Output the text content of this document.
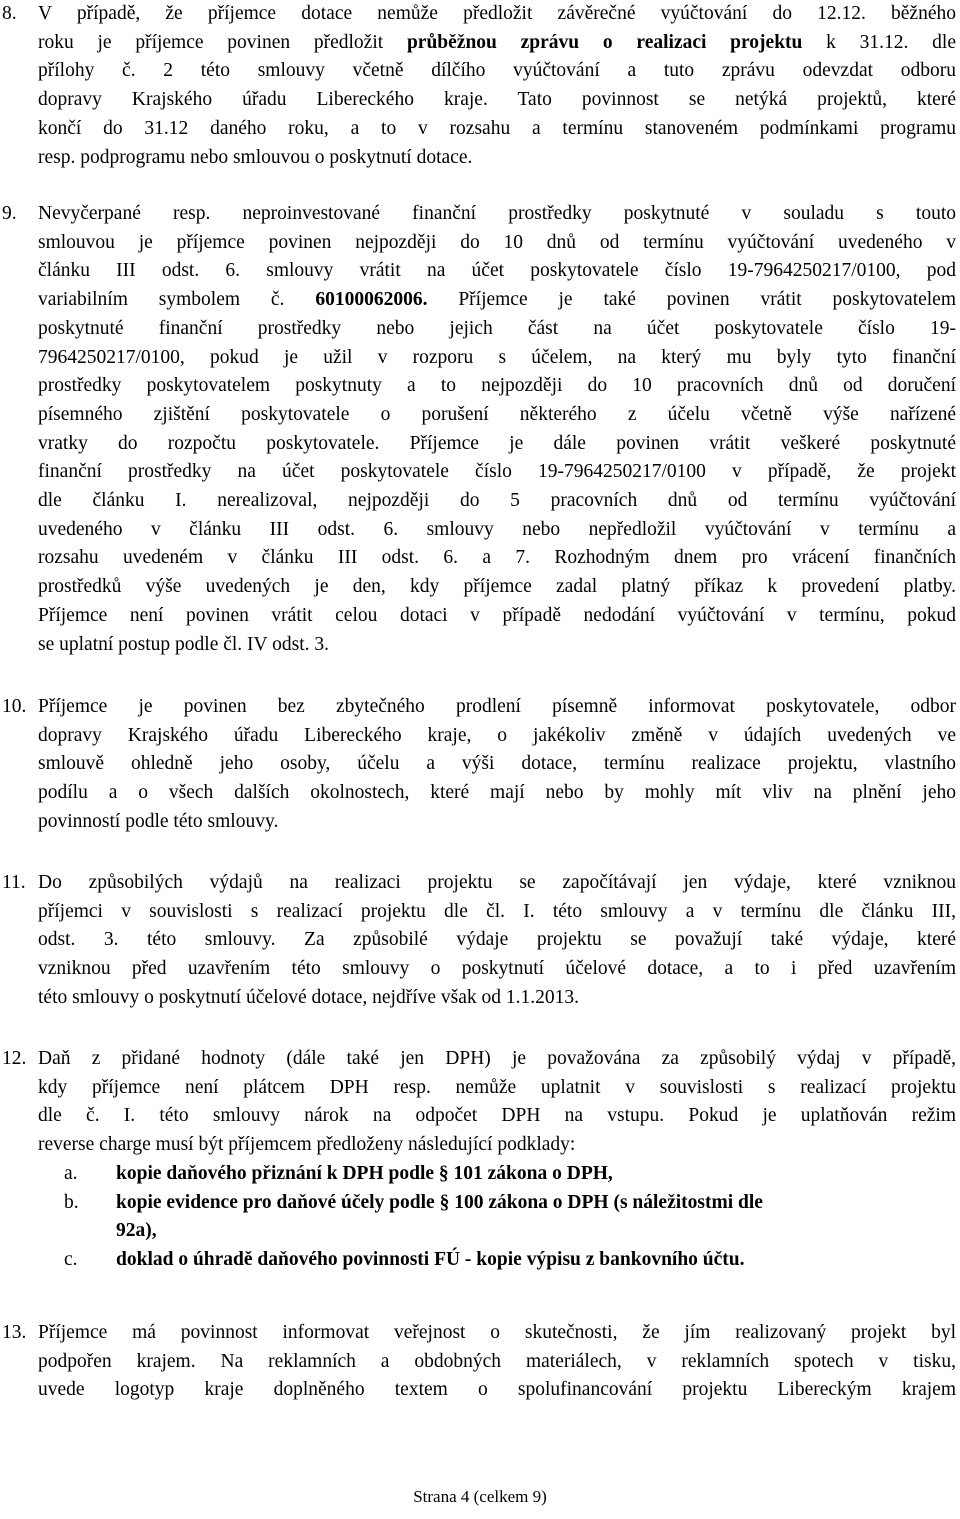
8. V případě, že příjemce dotace nemůže předložit závěrečné vyúčtování do 12.12. běžného
roku je příjemce povinen předložit průběžnou zprávu o realizaci projektu k 31.12. dle
přílohy č. 2 této smlouvy včetně dílčího vyúčtování a tuto zprávu odevzdat odboru
dopravy Krajského úřadu Libereckého kraje. Tato povinnost se netýká projektů, které
končí do 31.12 daného roku, a to v rozsahu a termínu stanoveném podmínkami programu
resp. podprogramu nebo smlouvou o poskytnutí dotace.
9. Nevyčerpané resp. neproinvestované finanční prostředky poskytnuté v souladu s touto
smlouvou je příjemce povinen nejpozději do 10 dnů od termínu vyúčtování uvedeného v
článku III odst. 6. smlouvy vrátit na účet poskytovatele číslo 19-7964250217/0100, pod
variabilním symbolem č. 60100062006. Příjemce je také povinen vrátit poskytovatelem
poskytnuté finanční prostředky nebo jejich část na účet poskytovatele číslo 19-
7964250217/0100, pokud je užil v rozporu s účelem, na který mu byly tyto finanční
prostředky poskytovatelem poskytnuty a to nejpozději do 10 pracovních dnů od doručení
písemného zjištění poskytovatele o porušení některého z účelu včetně výše nařízené
vratky do rozpočtu poskytovatele. Příjemce je dále povinen vrátit veškeré poskytnuté
finanční prostředky na účet poskytovatele číslo 19-7964250217/0100 v případě, že projekt
dle článku I. nerealizoval, nejpozději do 5 pracovních dnů od termínu vyúčtování
uvedeného v článku III odst. 6. smlouvy nebo nepředložil vyúčtování v termínu a
rozsahu uvedeném v článku III odst. 6. a 7. Rozhodným dnem pro vrácení finančních
prostředků výše uvedených je den, kdy příjemce zadal platný příkaz k provedení platby.
Příjemce není povinen vrátit celou dotaci v případě nedodání vyúčtování v termínu, pokud
se uplatní postup podle čl. IV odst. 3.
10. Příjemce je povinen bez zbytečného prodlení písemně informovat poskytovatele, odbor
dopravy Krajského úřadu Libereckého kraje, o jakékoliv změně v údajích uvedených ve
smlouvě ohledně jeho osoby, účelu a výši dotace, termínu realizace projektu, vlastního
podílu a o všech dalších okolnostech, které mají nebo by mohly mít vliv na plnění jeho
povinností podle této smlouvy.
11. Do způsobilých výdajů na realizaci projektu se započítávají jen výdaje, které vzniknou
příjemci v souvislosti s realizací projektu dle čl. I. této smlouvy a v termínu dle článku III,
odst. 3. této smlouvy. Za způsobilé výdaje projektu se považují také výdaje, které
vzniknou před uzavřením této smlouvy o poskytnutí účelové dotace, a to i před uzavřením
této smlouvy o poskytnutí účelové dotace, nejdříve však od 1.1.2013.
12. Daň z přidané hodnoty (dále také jen DPH) je považována za způsobilý výdaj v případě,
kdy příjemce není plátcem DPH resp. nemůže uplatnit v souvislosti s realizací projektu
dle č. I. této smlouvy nárok na odpočet DPH na vstupu. Pokud je uplatňován režim
reverse charge musí být příjemcem předloženy následující podklady:
a. kopie daňového přiznání k DPH podle § 101 zákona o DPH,
b. kopie evidence pro daňové účely podle § 100 zákona o DPH (s náležitostmi dle
92a),
c. doklad o úhradě daňového povinnosti FÚ - kopie výpisu z bankovního účtu.
13. Příjemce má povinnost informovat veřejnost o skutečnosti, že jím realizovaný projekt byl
podpořen krajem. Na reklamních a obdobných materiálech, v reklamních spotech v tisku,
uvede logotyp kraje doplněného textem o spolufinancování projektu Libereckým krajem
Strana 4 (celkem 9)
